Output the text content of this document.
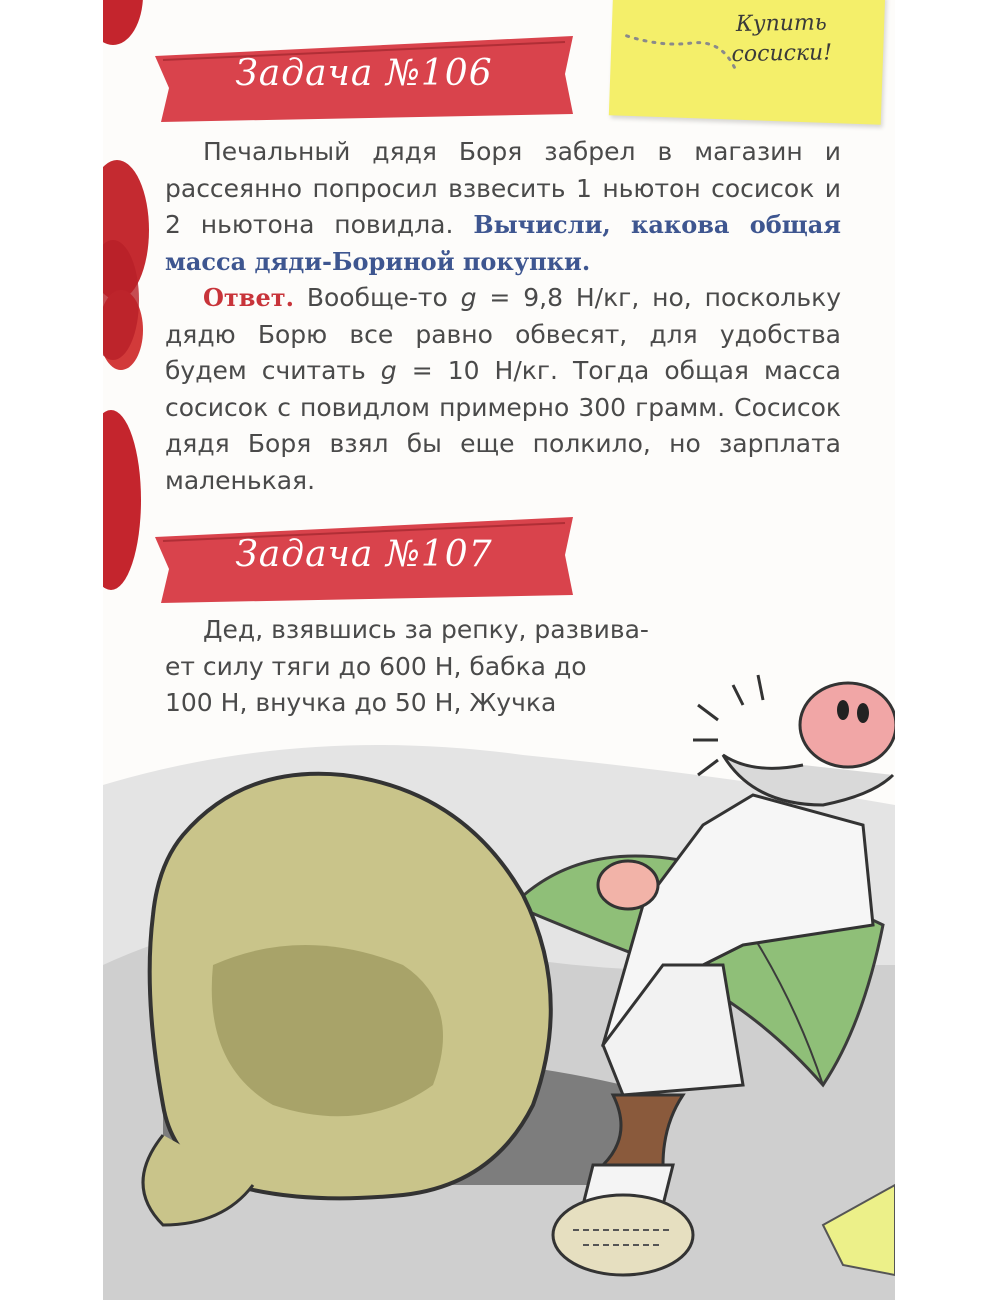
Купить сосиски!
Задача №106

Печальный дядя Боря забрел в магазин и рассеянно попросил взвесить 1 ньютон сосисок и 2 ньютона повидла. Вычисли, какова общая масса дяди-Бориной покупки.

Ответ. Вообще-то g = 9,8 Н/кг, но, поскольку дядю Борю все равно обвесят, для удобства будем считать g = 10 Н/кг. Тогда общая масса сосисок с повидлом примерно 300 грамм. Сосисок дядя Боря взял бы еще полкило, но зарплата маленькая.

Задача №107
Дед, взявшись за репку, развива-
ет силу тяги до 600 Н, бабка до
100 Н, внучка до 50 Н, Жучка
